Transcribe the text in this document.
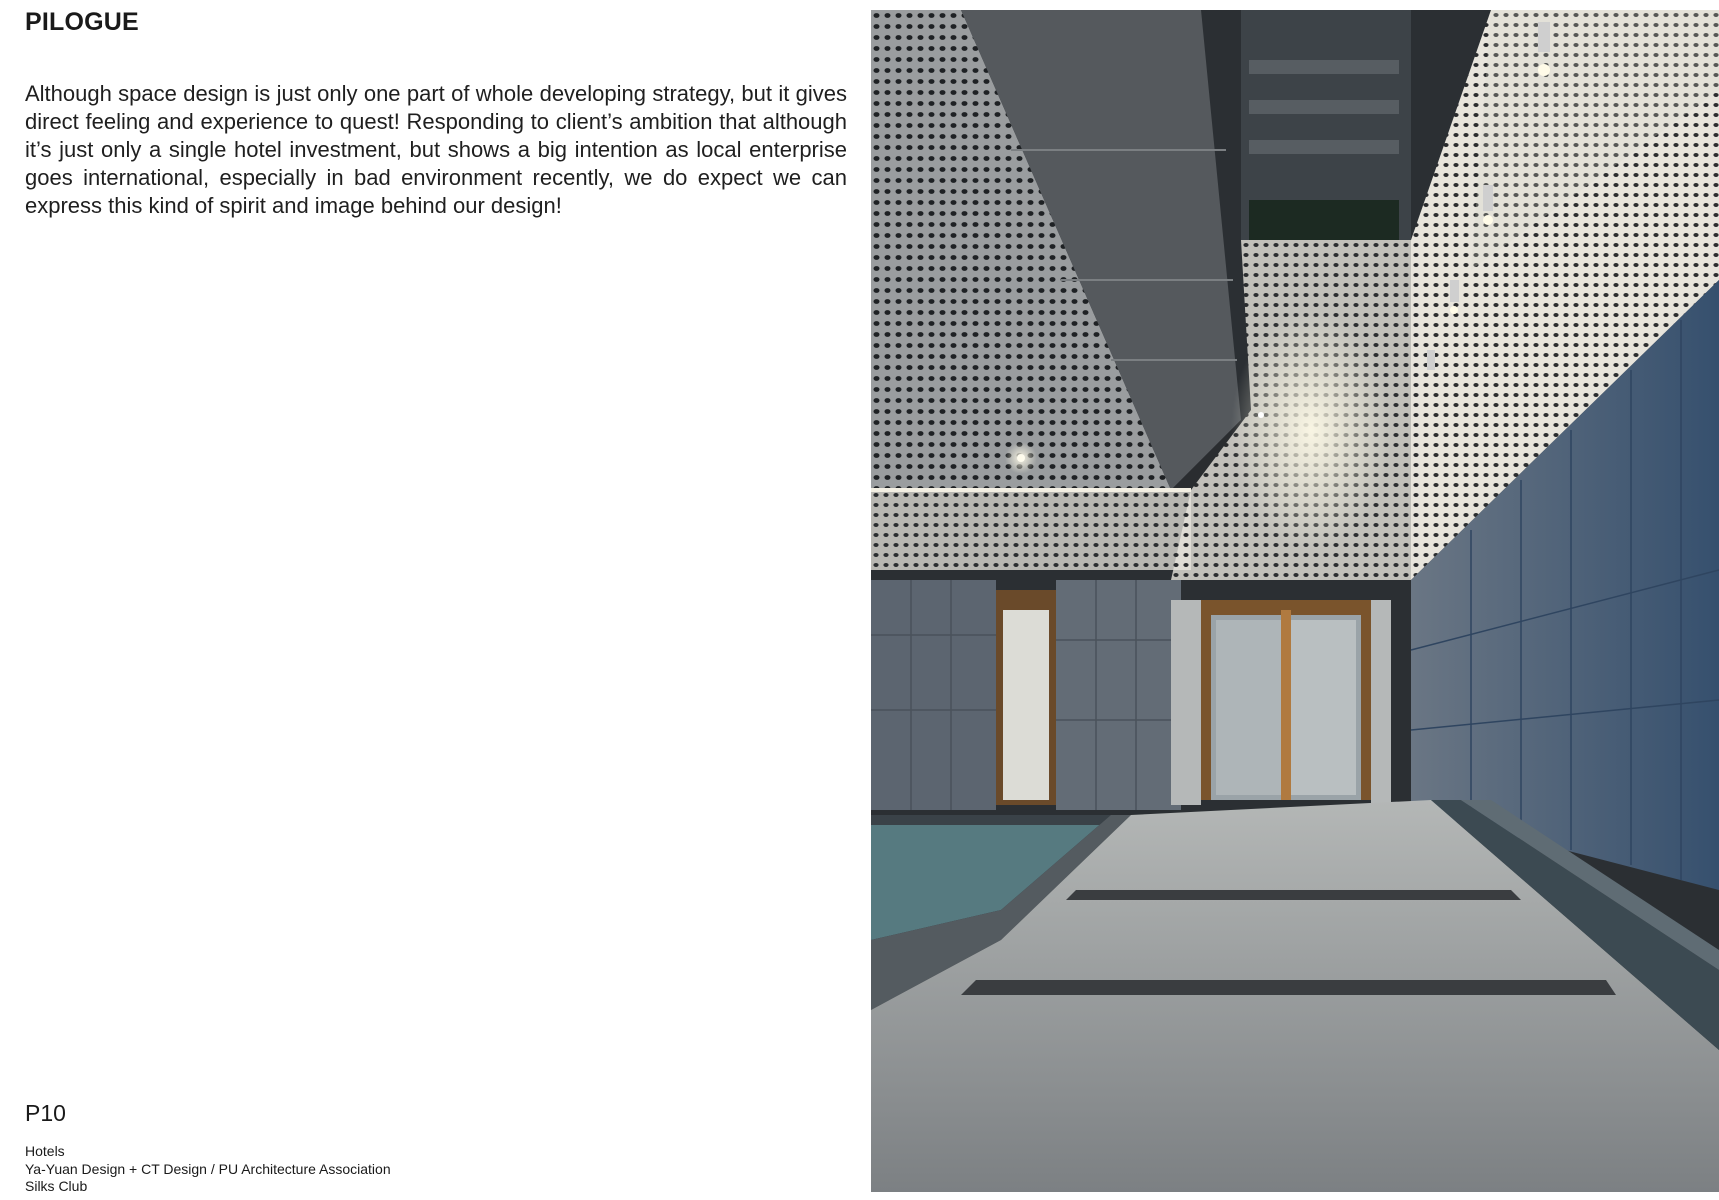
PILOGUE

Although space design is just only one part of whole developing strategy, but it gives direct feeling and experience to quest! Responding to client’s ambition that although it’s just only a single hotel investment, but shows a big intention as local enterprise goes international, especially in bad environment recently, we do expect we can express this kind of spirit and image behind our design!

P10
Hotels
Ya-Yuan Design + CT Design / PU Architecture Association
Silks Club
